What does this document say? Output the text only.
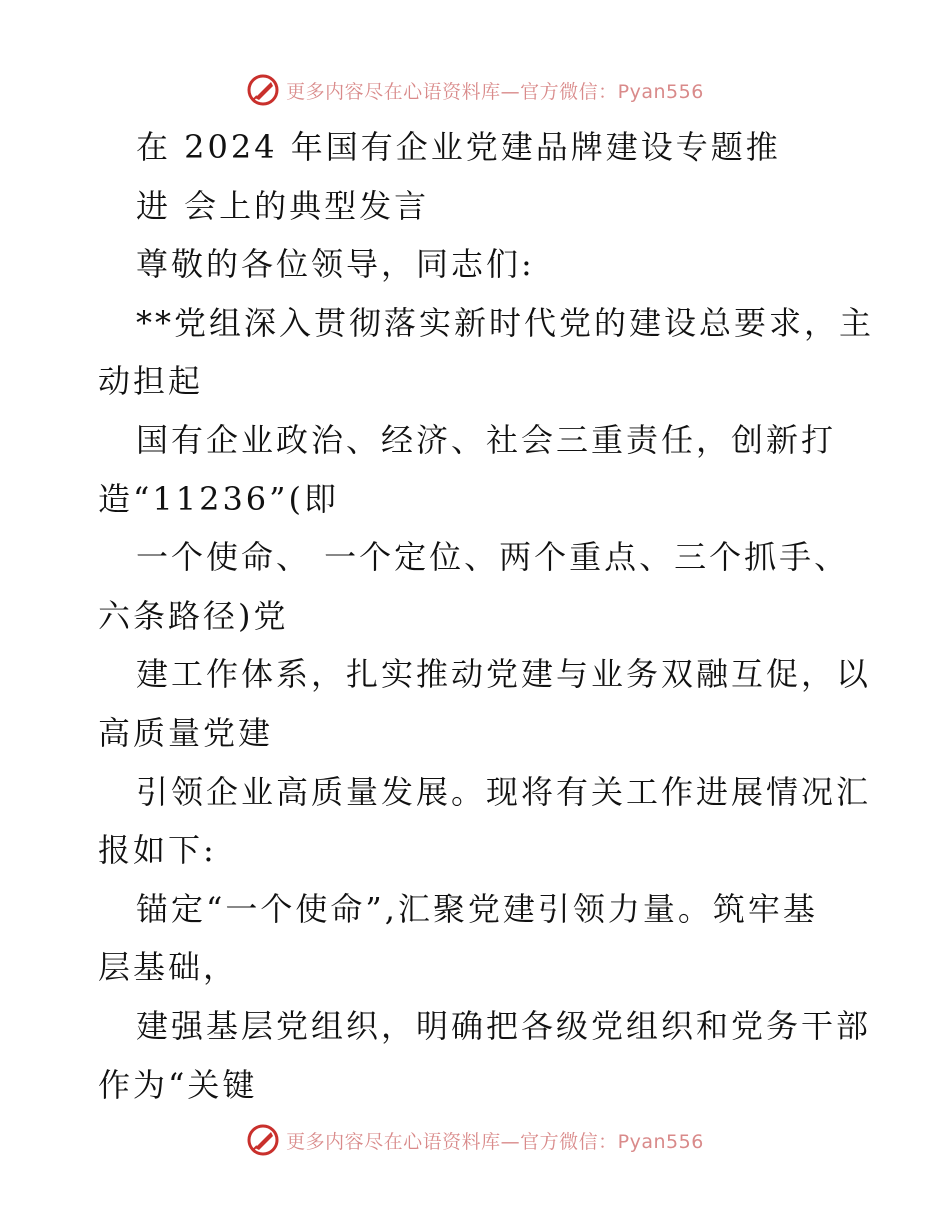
更多内容尽在心语资料库—官方微信：Pyan556
在 2024 年国有企业党建品牌建设专题推
进 会上的典型发言
尊敬的各位领导，同志们:
**党组深入贯彻落实新时代党的建设总要求，主
动担起
国有企业政治、经济、社会三重责任，创新打
造“11236”(即
一个使命、 一个定位、两个重点、三个抓手、
六条路径)党
建工作体系，扎实推动党建与业务双融互促，以
高质量党建
引领企业高质量发展。现将有关工作进展情况汇
报如下:
锚定“一个使命”,汇聚党建引领力量。筑牢基
层基础，
建强基层党组织，明确把各级党组织和党务干部
作为“关键
更多内容尽在心语资料库—官方微信：Pyan556
